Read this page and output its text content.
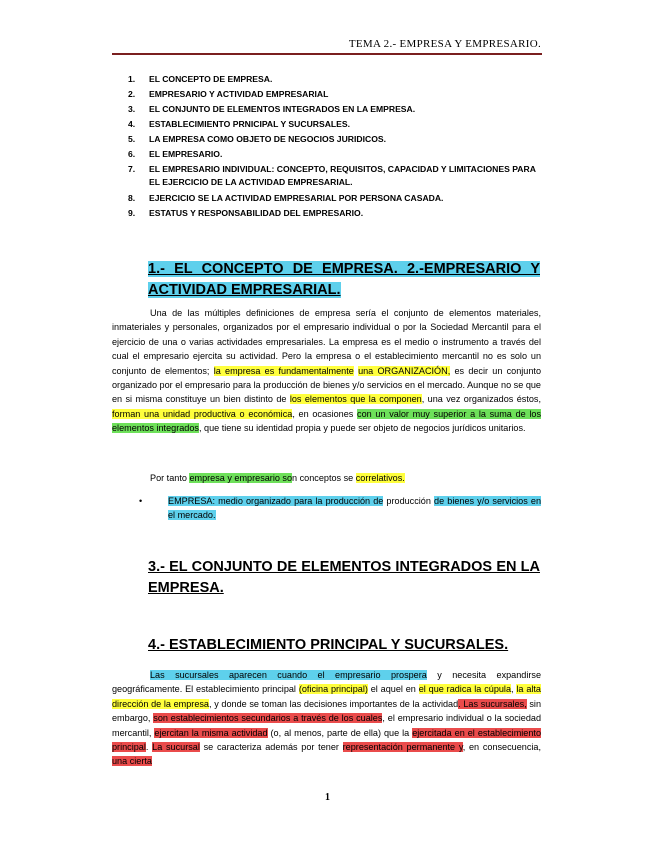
TEMA 2.- EMPRESA Y EMPRESARIO.
1. EL CONCEPTO DE EMPRESA.
2. EMPRESARIO Y ACTIVIDAD EMPRESARIAL
3. EL CONJUNTO DE ELEMENTOS INTEGRADOS EN LA EMPRESA.
4. ESTABLECIMIENTO PRNICIPAL Y SUCURSALES.
5. LA EMPRESA COMO OBJETO DE NEGOCIOS JURIDICOS.
6. EL EMPRESARIO.
7. EL EMPRESARIO INDIVIDUAL: CONCEPTO, REQUISITOS, CAPACIDAD Y LIMITACIONES PARA EL EJERCICIO DE LA ACTIVIDAD EMPRESARIAL.
8. EJERCICIO SE LA ACTIVIDAD EMPRESARIAL POR PERSONA CASADA.
9. ESTATUS Y RESPONSABILIDAD DEL EMPRESARIO.
1.- EL CONCEPTO DE EMPRESA. 2.-EMPRESARIO Y ACTIVIDAD EMPRESARIAL.
Una de las múltiples definiciones de empresa sería el conjunto de elementos materiales, inmateriales y personales, organizados por el empresario individual o por la Sociedad Mercantil para el ejercicio de una o varias actividades empresariales. La empresa es el medio o instrumento a través del cual el empresario ejercita su actividad. Pero la empresa o el establecimiento mercantil no es solo un conjunto de elementos; la empresa es fundamentalmente una ORGANIZACIÓN, es decir un conjunto organizado por el empresario para la producción de bienes y/o servicios en el mercado. Aunque no se que en si misma constituye un bien distinto de los elementos que la componen, una vez organizados éstos, forman una unidad productiva o económica, en ocasiones con un valor muy superior a la suma de los elementos integrados, que tiene su identidad propia y puede ser objeto de negocios jurídicos unitarios.
Por tanto empresa y empresario son conceptos se correlativos.
•	EMPRESA: medio organizado para la producción de producción de bienes y/o servicios en el mercado.
3.- EL CONJUNTO DE ELEMENTOS INTEGRADOS EN LA EMPRESA.
4.- ESTABLECIMIENTO PRINCIPAL Y SUCURSALES.
Las sucursales aparecen cuando el empresario prospera y necesita expandirse geográficamente. El establecimiento principal (oficina principal) el aquel en el que radica la cúpula, la alta dirección de la empresa, y donde se toman las decisiones importantes de la actividad. Las sucursales, sin embargo, son establecimientos secundarios a través de los cuales, el empresario individual o la sociedad mercantil, ejercitan la misma actividad (o, al menos, parte de ella) que la ejercitada en el establecimiento principal. La sucursal se caracteriza además por tener representación permanente y, en consecuencia, una cierta
1
